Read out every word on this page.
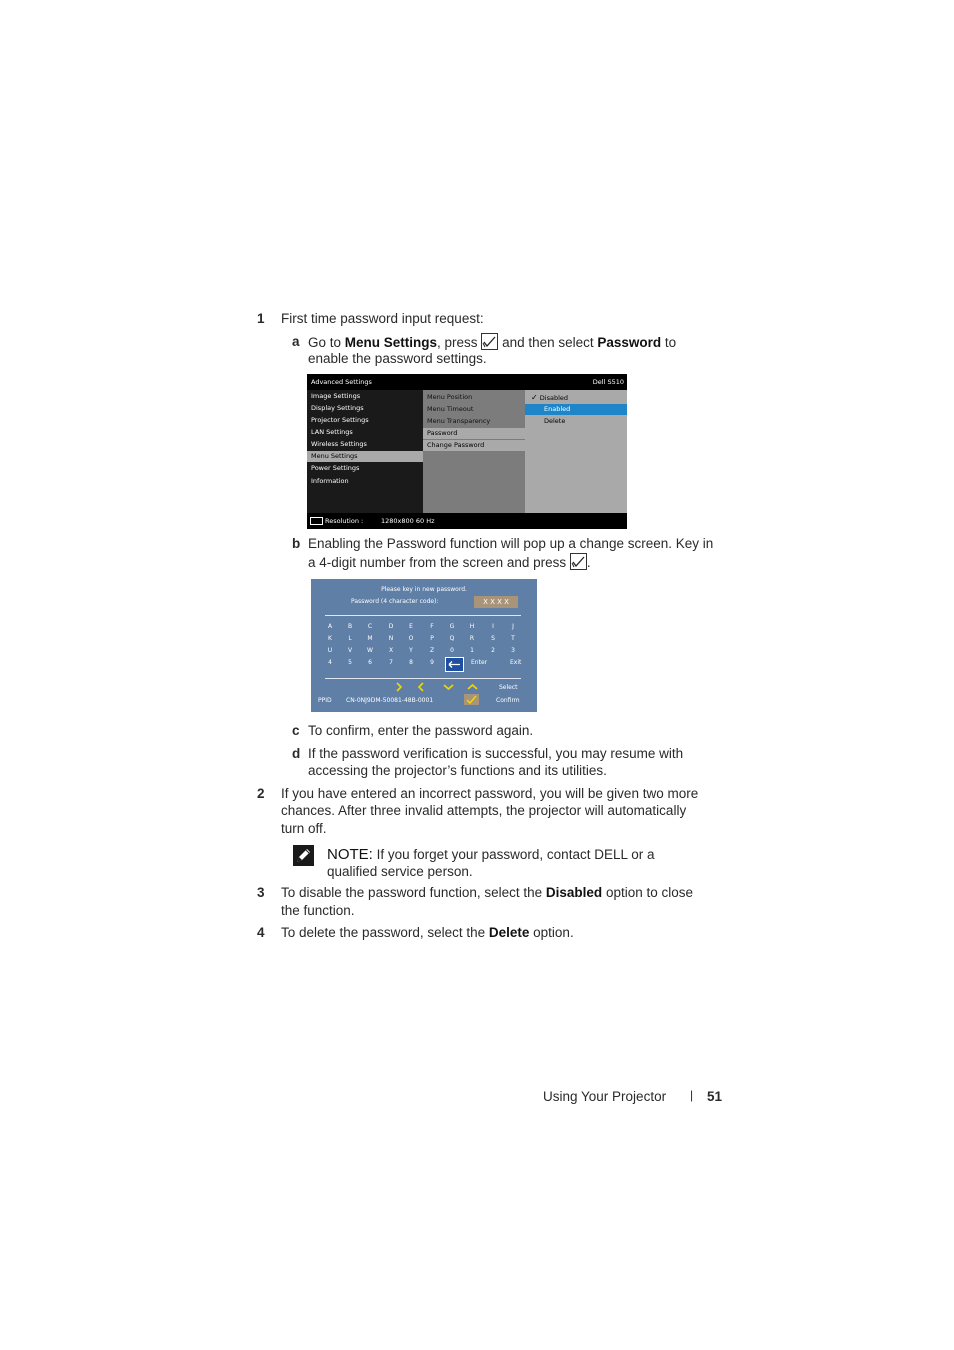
1 First time password input request:
a Go to Menu Settings, press
and then select Password to
enable the password settings.
Advanced Settings	Dell S510
Image Settings
Display Settings
Projector Settings
LAN Settings
Wireless Settings
Menu Settings
Power Settings
Information
Menu Position
Menu Timeout
Menu Transparency
Password
Change Password
✓ Disabled
Enabled
Delete
Resolution :	1280x800 60 Hz
b Enabling the Password function will pop up a change screen. Key in
a 4-digit number from the screen and press
.
Please key in new password.
Password (4 character code):	X X X X
A	B	C	D	E	F	G	H	I	J
K	L	M	N	O	P	Q	R	S	T
U	V	W	X	Y	Z	0	1	2	3
4	5	6	7	8	9	Enter	Exit
Select
PPID CN-0NJ9DM-50081-48B-0001	Confirm
c To confirm, enter the password again.
d If the password verification is successful, you may resume with
accessing the projector’s functions and its utilities.
2 If you have entered an incorrect password, you will be given two more
chances. After three invalid attempts, the projector will automatically
turn off.
NOTE: If you forget your password, contact DELL or a
qualified service person.
3 To disable the password function, select the Disabled option to close
the function.
4 To delete the password, select the Delete option.
Using Your Projector | 51
